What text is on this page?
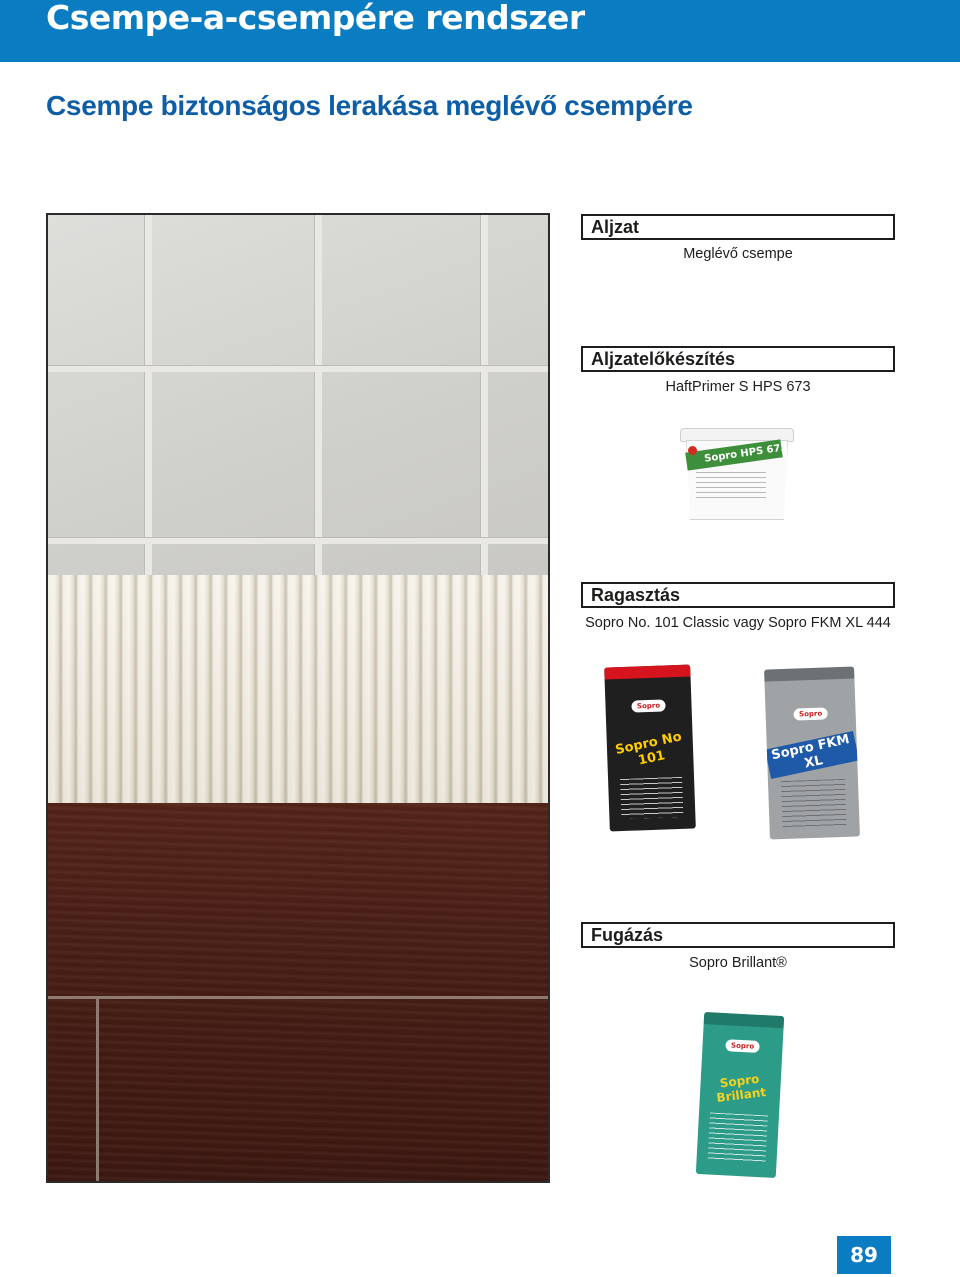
Csempe-a-csempére rendszer
Csempe biztonságos lerakása meglévő csempére
Aljzat
Meglévő csempe
Aljzatelőkészítés
HaftPrimer S HPS 673
Sopro HPS 673
Ragasztás
Sopro No. 101 Classic vagy Sopro FKM XL 444
Sopro
Sopro No 101
Sopro
Sopro FKM XL
Fugázás
Sopro Brillant®
Sopro
Sopro Brillant
89
